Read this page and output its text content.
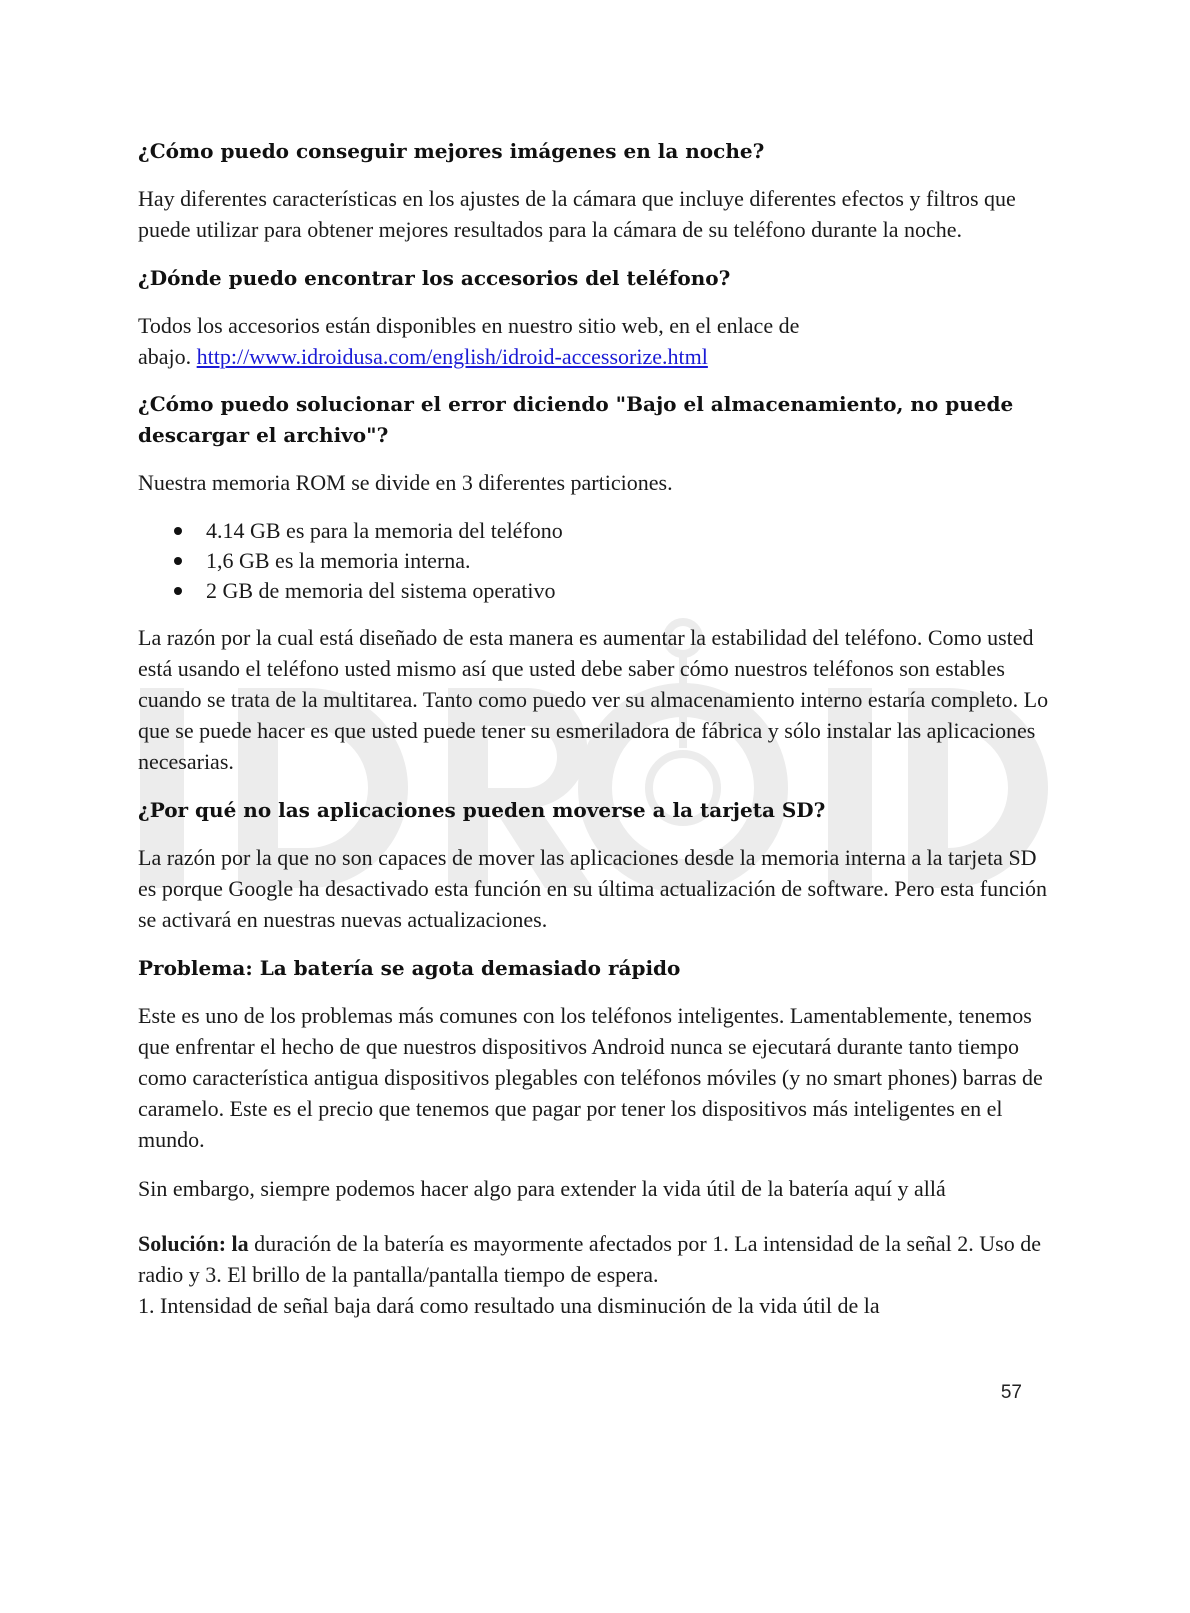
¿Cómo puedo conseguir mejores imágenes en la noche?

Hay diferentes características en los ajustes de la cámara que incluye diferentes efectos y filtros que puede utilizar para obtener mejores resultados para la cámara de su teléfono durante la noche.

¿Dónde puedo encontrar los accesorios del teléfono?

Todos los accesorios están disponibles en nuestro sitio web, en el enlace de
abajo. http://www.idroidusa.com/english/idroid-accessorize.html

¿Cómo puedo solucionar el error diciendo "Bajo el almacenamiento, no puede descargar el archivo"?

Nuestra memoria ROM se divide en 3 diferentes particiones.

4.14 GB es para la memoria del teléfono
1,6 GB es la memoria interna.
2 GB de memoria del sistema operativo

La razón por la cual está diseñado de esta manera es aumentar la estabilidad del teléfono. Como usted está usando el teléfono usted mismo así que usted debe saber cómo nuestros teléfonos son estables cuando se trata de la multitarea. Tanto como puedo ver su almacenamiento interno estaría completo. Lo que se puede hacer es que usted puede tener su esmeriladora de fábrica y sólo instalar las aplicaciones necesarias.

¿Por qué no las aplicaciones pueden moverse a la tarjeta SD?

La razón por la que no son capaces de mover las aplicaciones desde la memoria interna a la tarjeta SD es porque Google ha desactivado esta función en su última actualización de software. Pero esta función se activará en nuestras nuevas actualizaciones.

Problema: La batería se agota demasiado rápido

Este es uno de los problemas más comunes con los teléfonos inteligentes. Lamentablemente, tenemos que enfrentar el hecho de que nuestros dispositivos Android nunca se ejecutará durante tanto tiempo como característica antigua dispositivos plegables con teléfonos móviles (y no smart phones) barras de caramelo. Este es el precio que tenemos que pagar por tener los dispositivos más inteligentes en el mundo.

Sin embargo, siempre podemos hacer algo para extender la vida útil de la batería aquí y allá

Solución: la duración de la batería es mayormente afectados por 1. La intensidad de la señal 2. Uso de radio y 3. El brillo de la pantalla/pantalla tiempo de espera.
1. Intensidad de señal baja dará como resultado una disminución de la vida útil de la

57
